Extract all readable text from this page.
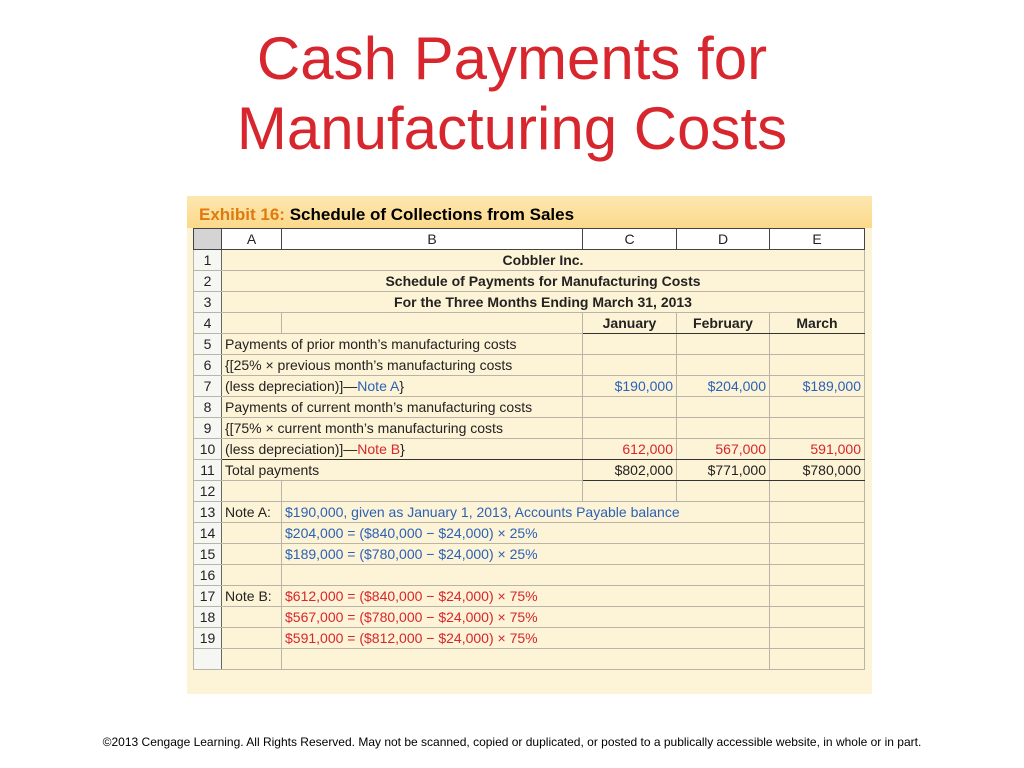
Cash Payments for
Manufacturing Costs
Exhibit 16: Schedule of Collections from Sales
	A	B	C	D	E
1	Cobbler Inc.				
2	Schedule of Payments for Manufacturing Costs				
3	For the Three Months Ending March 31, 2013				
4			January	February	March
5	Payments of prior month’s manufacturing costs				
6	{[25% × previous month’s manufacturing costs				
7	(less depreciation)]—Note A}		$190,000	$204,000	$189,000
8	Payments of current month’s manufacturing costs				
9	{[75% × current month’s manufacturing costs				
10	(less depreciation)]—Note B}		612,000	567,000	591,000
11	Total payments		$802,000	$771,000	$780,000
12					
13	Note A:	$190,000, given as January 1, 2013, Accounts Payable balance			
14		$204,000 = ($840,000 − $24,000) × 25%			
15		$189,000 = ($780,000 − $24,000) × 25%			
16					
17	Note B:	$612,000 = ($840,000 − $24,000) × 75%			
18		$567,000 = ($780,000 − $24,000) × 75%			
19		$591,000 = ($812,000 − $24,000) × 75%			

©2013 Cengage Learning. All Rights Reserved. May not be scanned, copied or duplicated, or posted to a publically accessible website, in whole or in part.
